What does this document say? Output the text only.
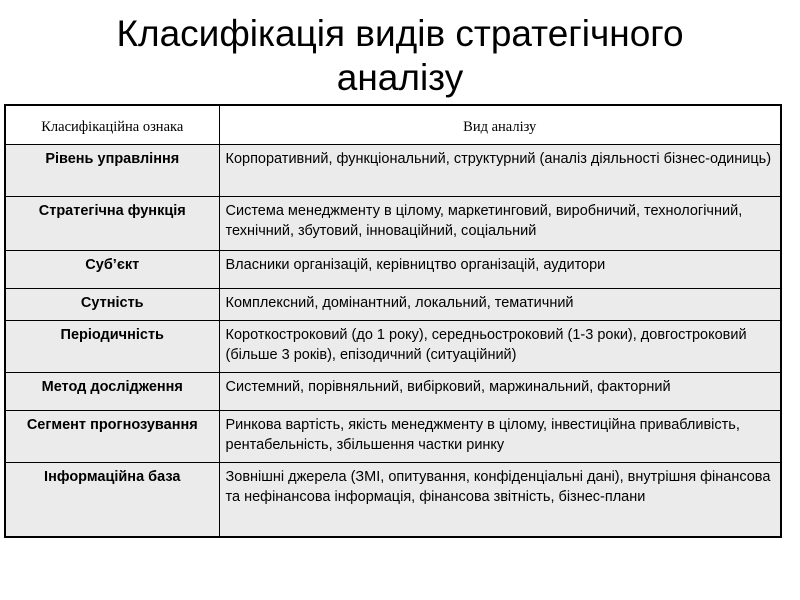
Класифікація видів стратегічного
аналізу
Класифікаційна ознака	Вид аналізу
Рівень управління	Корпоративний, функціональний, структурний (аналіз діяльності бізнес-одиниць)
Стратегічна функція	Система менеджменту в цілому, маркетинговий, виробничий, технологічний, технічний, збутовий, інноваційний, соціальний
Суб’єкт	Власники організацій, керівництво організацій, аудитори
Сутність	Комплексний, домінантний, локальний, тематичний
Періодичність	Короткостроковий (до 1 року), середньостроковий (1-3 роки), довгостроковий (більше 3 років), епізодичний (ситуаційний)
Метод дослідження	Системний, порівняльний, вибірковий, маржинальний, факторний
Сегмент прогнозування	Ринкова вартість, якість менеджменту в цілому, інвестиційна привабливість, рентабельність, збільшення частки ринку
Інформаційна база	Зовнішні джерела (ЗМІ, опитування, конфіденціальні дані), внутрішня фінансова та нефінансова інформація, фінансова звітність, бізнес-плани
